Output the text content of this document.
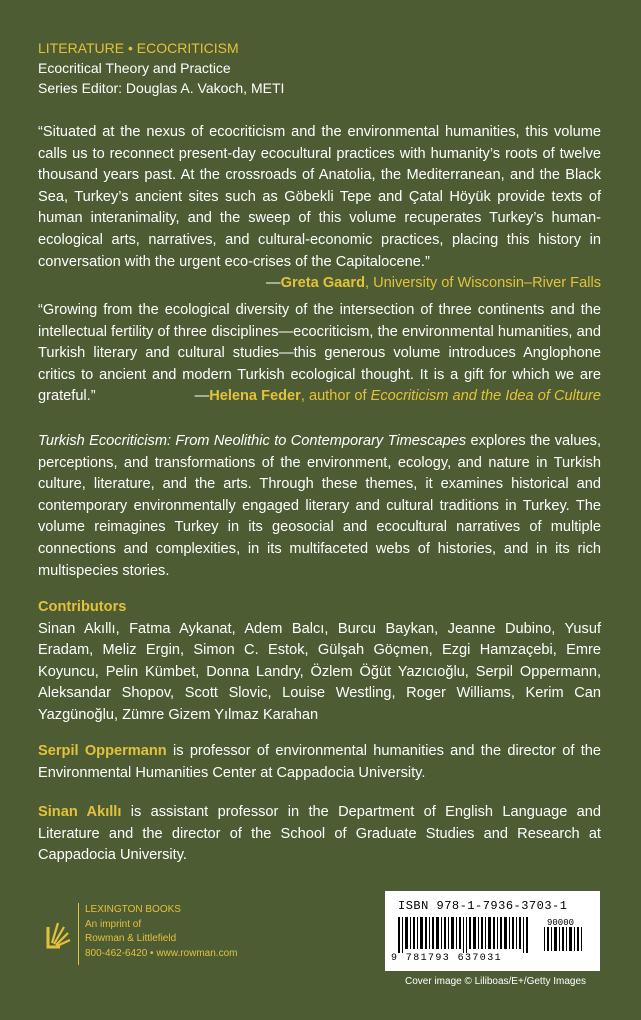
LITERATURE • ECOCRITICISM
Ecocritical Theory and Practice
Series Editor: Douglas A. Vakoch, METI
“Situated at the nexus of ecocriticism and the environmental humanities, this volume calls us to reconnect present-day ecocultural practices with humanity’s roots of twelve thousand years past. At the crossroads of Anatolia, the Mediterranean, and the Black Sea, Turkey’s ancient sites such as Göbekli Tepe and Çatal Höyük provide texts of human interanimality, and the sweep of this volume recuperates Turkey’s human-ecological arts, narratives, and cultural-economic practices, placing this history in conversation with the urgent eco-crises of the Capitalocene.”
—Greta Gaard, University of Wisconsin–River Falls
“Growing from the ecological diversity of the intersection of three continents and the intellectual fertility of three disciplines—ecocriticism, the environmental humanities, and Turkish literary and cultural studies—this generous volume introduces Anglophone critics to ancient and modern Turkish ecological thought. It is a gift for which we are grateful.”	—Helena Feder, author of Ecocriticism and the Idea of Culture
Turkish Ecocriticism: From Neolithic to Contemporary Timescapes explores the values, perceptions, and transformations of the environment, ecology, and nature in Turkish culture, literature, and the arts. Through these themes, it examines historical and contemporary environmentally engaged literary and cultural traditions in Turkey. The volume reimagines Turkey in its geosocial and ecocultural narratives of multiple connections and complexities, in its multifaceted webs of histories, and in its rich multispecies stories.
Contributors
Sinan Akıllı, Fatma Aykanat, Adem Balcı, Burcu Baykan, Jeanne Dubino, Yusuf Eradam, Meliz Ergin, Simon C. Estok, Gülşah Göçmen, Ezgi Hamzaçebi, Emre Koyuncu, Pelin Kümbet, Donna Landry, Özlem Öğüt Yazıcıoğlu, Serpil Oppermann, Aleksandar Shopov, Scott Slovic, Louise Westling, Roger Williams, Kerim Can Yazgünoğlu, Zümre Gizem Yılmaz Karahan
Serpil Oppermann is professor of environmental humanities and the director of the Environmental Humanities Center at Cappadocia University.
Sinan Akıllı is assistant professor in the Department of English Language and Literature and the director of the School of Graduate Studies and Research at Cappadocia University.
LEXINGTON BOOKS
An imprint of
Rowman & Littlefield
800-462-6420 • www.rowman.com
ISBN 978-1-7936-3703-1
90000
9 781793 637031
Cover image © Liliboas/E+/Getty Images
